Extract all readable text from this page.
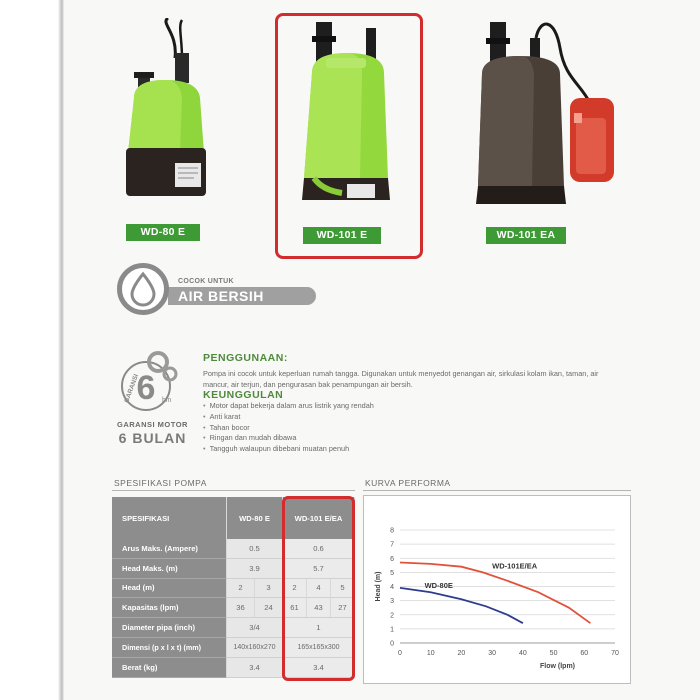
WD-80 E	WD-101 E	WD-101 EA
COCOK UNTUK
AIR BERSIH
6 bln
GARANSI
GARANSI MOTOR
6 BULAN
PENGGUNAAN:
Pompa ini cocok untuk keperluan rumah tangga. Digunakan untuk menyedot genangan air, sirkulasi kolam ikan, taman, air mancur, air terjun, dan pengurasan bak penampungan air bersih.
KEUNGGULAN
• Motor dapat bekerja dalam arus listrik yang rendah
• Anti karat
• Tahan bocor
• Ringan dan mudah dibawa
• Tangguh walaupun dibebani muatan penuh
SPESIFIKASI POMPA
SPESIFIKASI	WD-80 E	WD-101 E/EA
Arus Maks. (Ampere)	0.5	0.6
Head Maks. (m)	3.9	5.7
Head (m)	2	3	2	4	5
Kapasitas (lpm)	36	24	61	43	27
Diameter pipa (inch)	3/4	1
Dimensi (p x l x t) (mm)	140x160x270	165x165x300
Berat (kg)	3.4	3.4
KURVA PERFORMA
0
1
2
3
4
5
6
7
8
0	10	20	30	40	50	60	70
Flow (lpm)
Head (m)
WD-101E/EA
WD-80E
